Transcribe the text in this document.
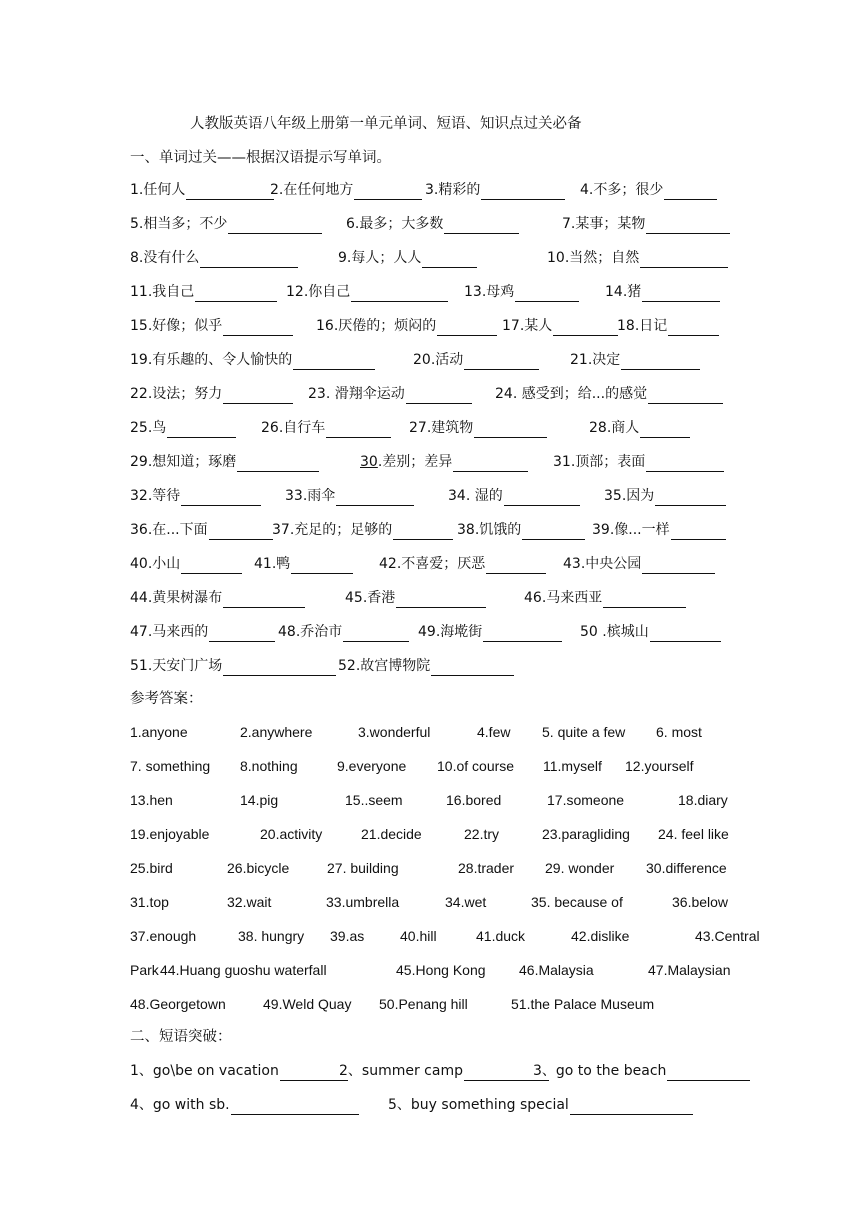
人教版英语八年级上册第一单元单词、短语、知识点过关必备
一、单词过关——根据汉语提示写单词。
1.任何人	2.在任何地方	3.精彩的	4.不多；很少
5.相当多；不少	6.最多；大多数	7.某事；某物
8.没有什么	9.每人；人人	10.当然；自然
11.我自己	12.你自己	13.母鸡	14.猪
15.好像；似乎	16.厌倦的；烦闷的	17.某人	18.日记
19.有乐趣的、令人愉快的	20.活动	21.决定
22.设法；努力	23. 滑翔伞运动	24. 感受到；给...的感觉
25.鸟	26.自行车	27.建筑物	28.商人
29.想知道；琢磨	30.差别；差异	31.顶部；表面
32.等待	33.雨伞	34. 湿的	35.因为
36.在...下面	37.充足的；足够的	38.饥饿的	39.像...一样
40.小山	41.鸭	42.不喜爱；厌恶	43.中央公园
44.黄果树瀑布	45.香港	46.马来西亚
47.马来西的	48.乔治市	49.海墘街	50 .槟城山
51.天安门广场	52.故宫博物院
参考答案：
1.anyone	2.anywhere	3.wonderful	4.few 5. quite a few 6. most
7. something 8.nothing	9.everyone 10.of course 11.myself 12.yourself
13.hen	14.pig	15..seem	16.bored	17.someone	18.diary
19.enjoyable	20.activity	21.decide	22.try	23.paragliding 24. feel like
25.bird	26.bicycle	27. building	28.trader 29. wonder 30.difference
31.top	32.wait	33.umbrella	34.wet	35. because of	36.below
37.enough	38. hungry 39.as	40.hill	41.duck	42.dislike	43.Central
Park 44.Huang guoshu waterfall	45.Hong Kong 46.Malaysia	47.Malaysian
48.Georgetown	49.Weld Quay 50.Penang hill	51.the Palace Museum
二、短语突破：
1、go\be on vacation	2、summer camp	3、go to the beach
4、go with sb.	5、buy something special
